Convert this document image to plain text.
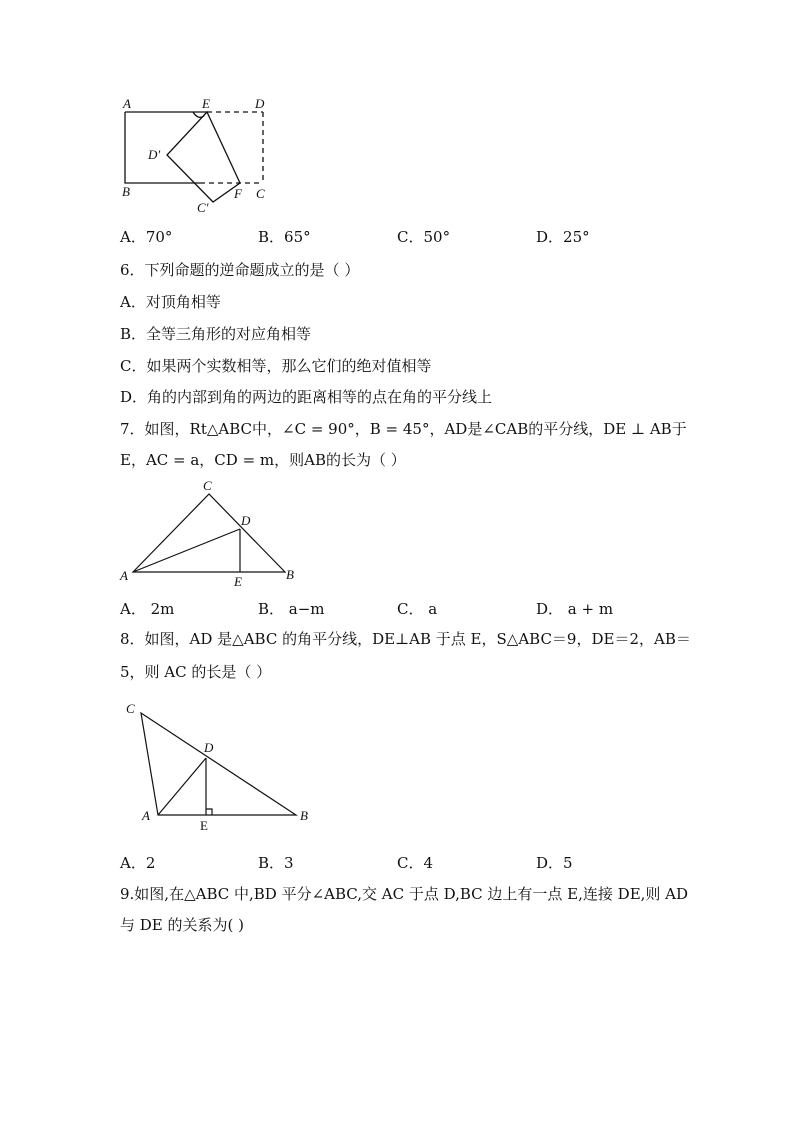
A	E	D
D′
B
C′
F C
A．70°	B．65°	C．50°	D．25°
6．下列命题的逆命题成立的是（ ）
A．对顶角相等
B．全等三角形的对应角相等
C．如果两个实数相等，那么它们的绝对值相等
D．角的内部到角的两边的距离相等的点在角的平分线上
7．如图，Rt△ABC中，∠C = 90°，B = 45°，AD是∠CAB的平分线，DE ⊥ AB于
E，AC = a，CD = m，则AB的长为（ ）
C
D
A	E	B
A． 2m	B． a−m	C． a	D． a + m
8．如图，AD 是△ABC 的角平分线，DE⊥AB 于点 E，S△ABC＝9，DE＝2，AB＝
5，则 AC 的长是（ ）
C
D
A
E
B
A．2	B．3	C．4	D．5
9.如图,在△ABC 中,BD 平分∠ABC,交 AC 于点 D,BC 边上有一点 E,连接 DE,则 AD
与 DE 的关系为( )
